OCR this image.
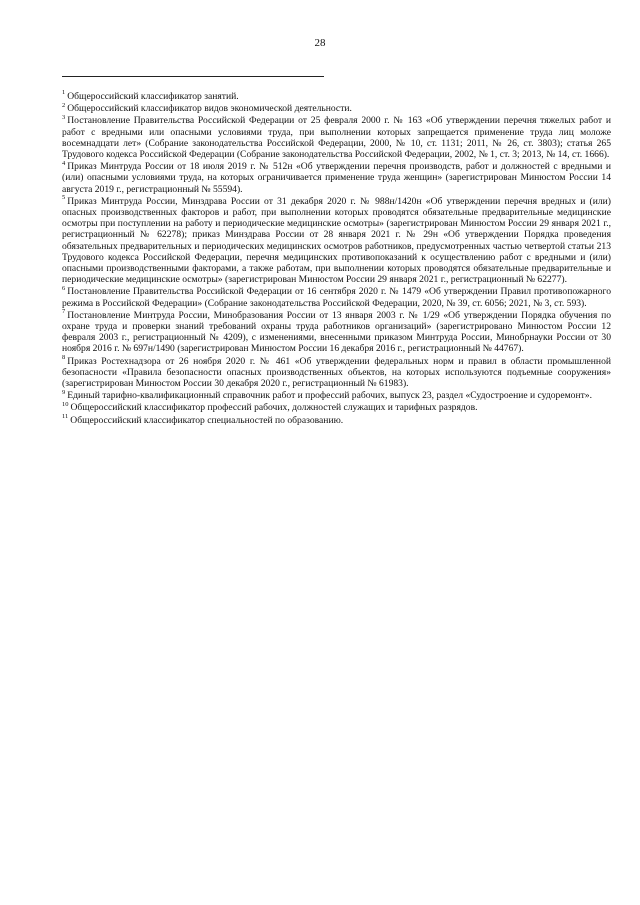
28
$^1$ Общероссийский классификатор занятий.
$^2$ Общероссийский классификатор видов экономической деятельности.
$^3$ Постановление Правительства Российской Федерации от 25 февраля 2000 г. № 163 «Об утверждении перечня тяжелых работ и работ с вредными или опасными условиями труда, при выполнении которых запрещается применение труда лиц моложе восемнадцати лет» (Собрание законодательства Российской Федерации, 2000, № 10, ст. 1131; 2011, № 26, ст. 3803); статья 265 Трудового кодекса Российской Федерации (Собрание законодательства Российской Федерации, 2002, № 1, ст. 3; 2013, № 14, ст. 1666).
$^4$ Приказ Минтруда России от 18 июля 2019 г. № 512н «Об утверждении перечня производств, работ и должностей с вредными и (или) опасными условиями труда, на которых ограничивается применение труда женщин» (зарегистрирован Минюстом России 14 августа 2019 г., регистрационный № 55594).
$^5$ Приказ Минтруда России, Минздрава России от 31 декабря 2020 г. № 988н/1420н «Об утверждении перечня вредных и (или) опасных производственных факторов и работ, при выполнении которых проводятся обязательные предварительные медицинские осмотры при поступлении на работу и периодические медицинские осмотры» (зарегистрирован Минюстом России 29 января 2021 г., регистрационный № 62278); приказ Минздрава России от 28 января 2021 г. № 29н «Об утверждении Порядка проведения обязательных предварительных и периодических медицинских осмотров работников, предусмотренных частью четвертой статьи 213 Трудового кодекса Российской Федерации, перечня медицинских противопоказаний к осуществлению работ с вредными и (или) опасными производственными факторами, а также работам, при выполнении которых проводятся обязательные предварительные и периодические медицинские осмотры» (зарегистрирован Минюстом России 29 января 2021 г., регистрационный № 62277).
$^6$ Постановление Правительства Российской Федерации от 16 сентября 2020 г. № 1479 «Об утверждении Правил противопожарного режима в Российской Федерации» (Собрание законодательства Российской Федерации, 2020, № 39, ст. 6056; 2021, № 3, ст. 593).
$^7$ Постановление Минтруда России, Минобразования России от 13 января 2003 г. № 1/29 «Об утверждении Порядка обучения по охране труда и проверки знаний требований охраны труда работников организаций» (зарегистрировано Минюстом России 12 февраля 2003 г., регистрационный № 4209), с изменениями, внесенными приказом Минтруда России, Минобрнауки России от 30 ноября 2016 г. № 697н/1490 (зарегистрирован Минюстом России 16 декабря 2016 г., регистрационный № 44767).
$^8$ Приказ Ростехнадзора от 26 ноября 2020 г. № 461 «Об утверждении федеральных норм и правил в области промышленной безопасности «Правила безопасности опасных производственных объектов, на которых используются подъемные сооружения» (зарегистрирован Минюстом России 30 декабря 2020 г., регистрационный № 61983).
$^9$ Единый тарифно-квалификационный справочник работ и профессий рабочих, выпуск 23, раздел «Судостроение и судоремонт».
$^{10}$ Общероссийский классификатор профессий рабочих, должностей служащих и тарифных разрядов.
$^{11}$ Общероссийский классификатор специальностей по образованию.
